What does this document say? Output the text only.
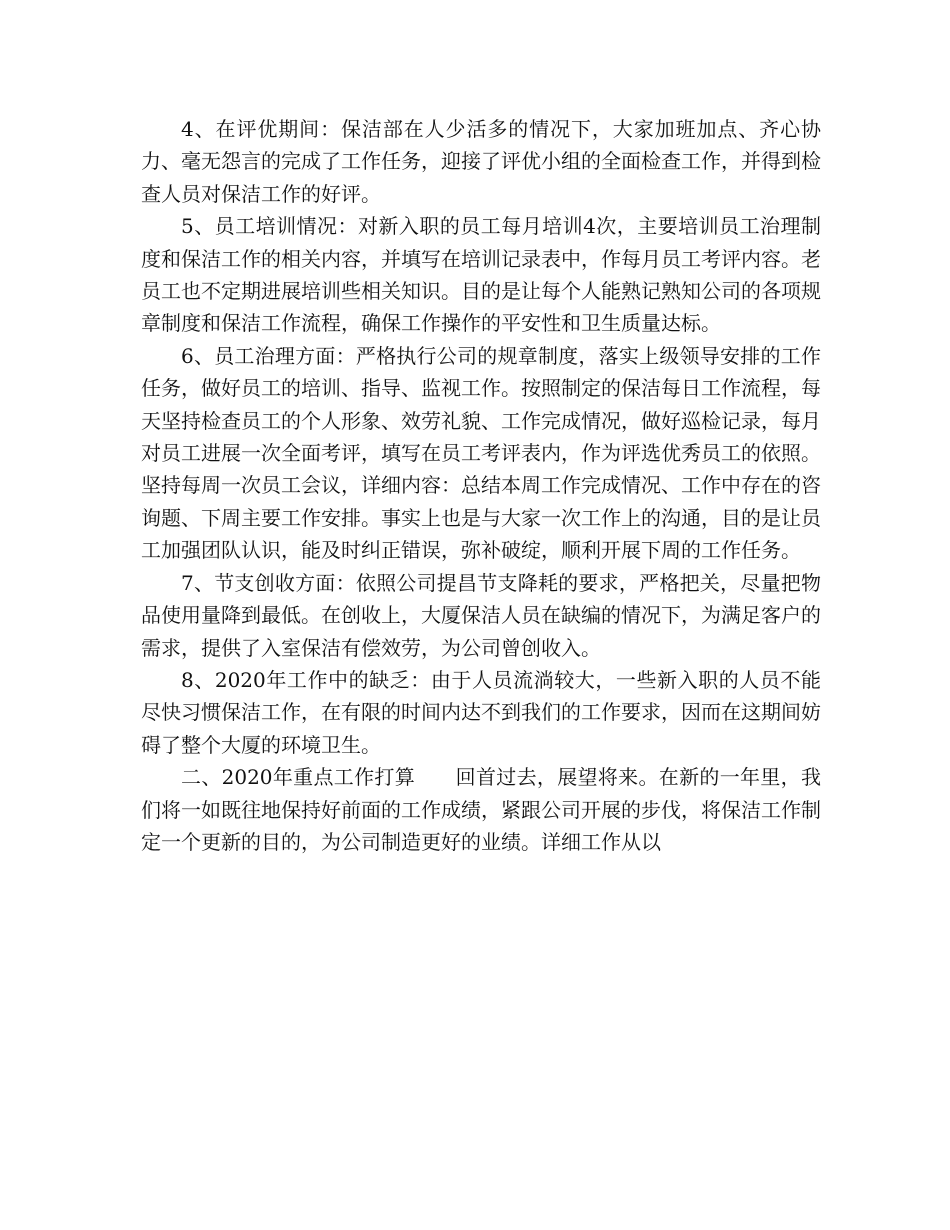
4、在评优期间：保洁部在人少活多的情况下，大家加班加点、齐心协力、毫无怨言的完成了工作任务，迎接了评优小组的全面检查工作，并得到检查人员对保洁工作的好评。

5、员工培训情况：对新入职的员工每月培训4次，主要培训员工治理制度和保洁工作的相关内容，并填写在培训记录表中，作每月员工考评内容。老员工也不定期进展培训些相关知识。目的是让每个人能熟记熟知公司的各项规章制度和保洁工作流程，确保工作操作的平安性和卫生质量达标。

6、员工治理方面：严格执行公司的规章制度，落实上级领导安排的工作任务，做好员工的培训、指导、监视工作。按照制定的保洁每日工作流程，每天坚持检查员工的个人形象、效劳礼貌、工作完成情况，做好巡检记录，每月对员工进展一次全面考评，填写在员工考评表内，作为评选优秀员工的依照。坚持每周一次员工会议，详细内容：总结本周工作完成情况、工作中存在的咨询题、下周主要工作安排。事实上也是与大家一次工作上的沟通，目的是让员工加强团队认识，能及时纠正错误，弥补破绽，顺利开展下周的工作任务。

7、节支创收方面：依照公司提昌节支降耗的要求，严格把关，尽量把物品使用量降到最低。在创收上，大厦保洁人员在缺编的情况下，为满足客户的需求，提供了入室保洁有偿效劳，为公司曾创收入。

8、2020年工作中的缺乏：由于人员流淌较大，一些新入职的人员不能尽快习惯保洁工作，在有限的时间内达不到我们的工作要求，因而在这期间妨碍了整个大厦的环境卫生。

二、2020年重点工作打算　　回首过去，展望将来。在新的一年里，我们将一如既往地保持好前面的工作成绩，紧跟公司开展的步伐，将保洁工作制定一个更新的目的，为公司制造更好的业绩。详细工作从以
